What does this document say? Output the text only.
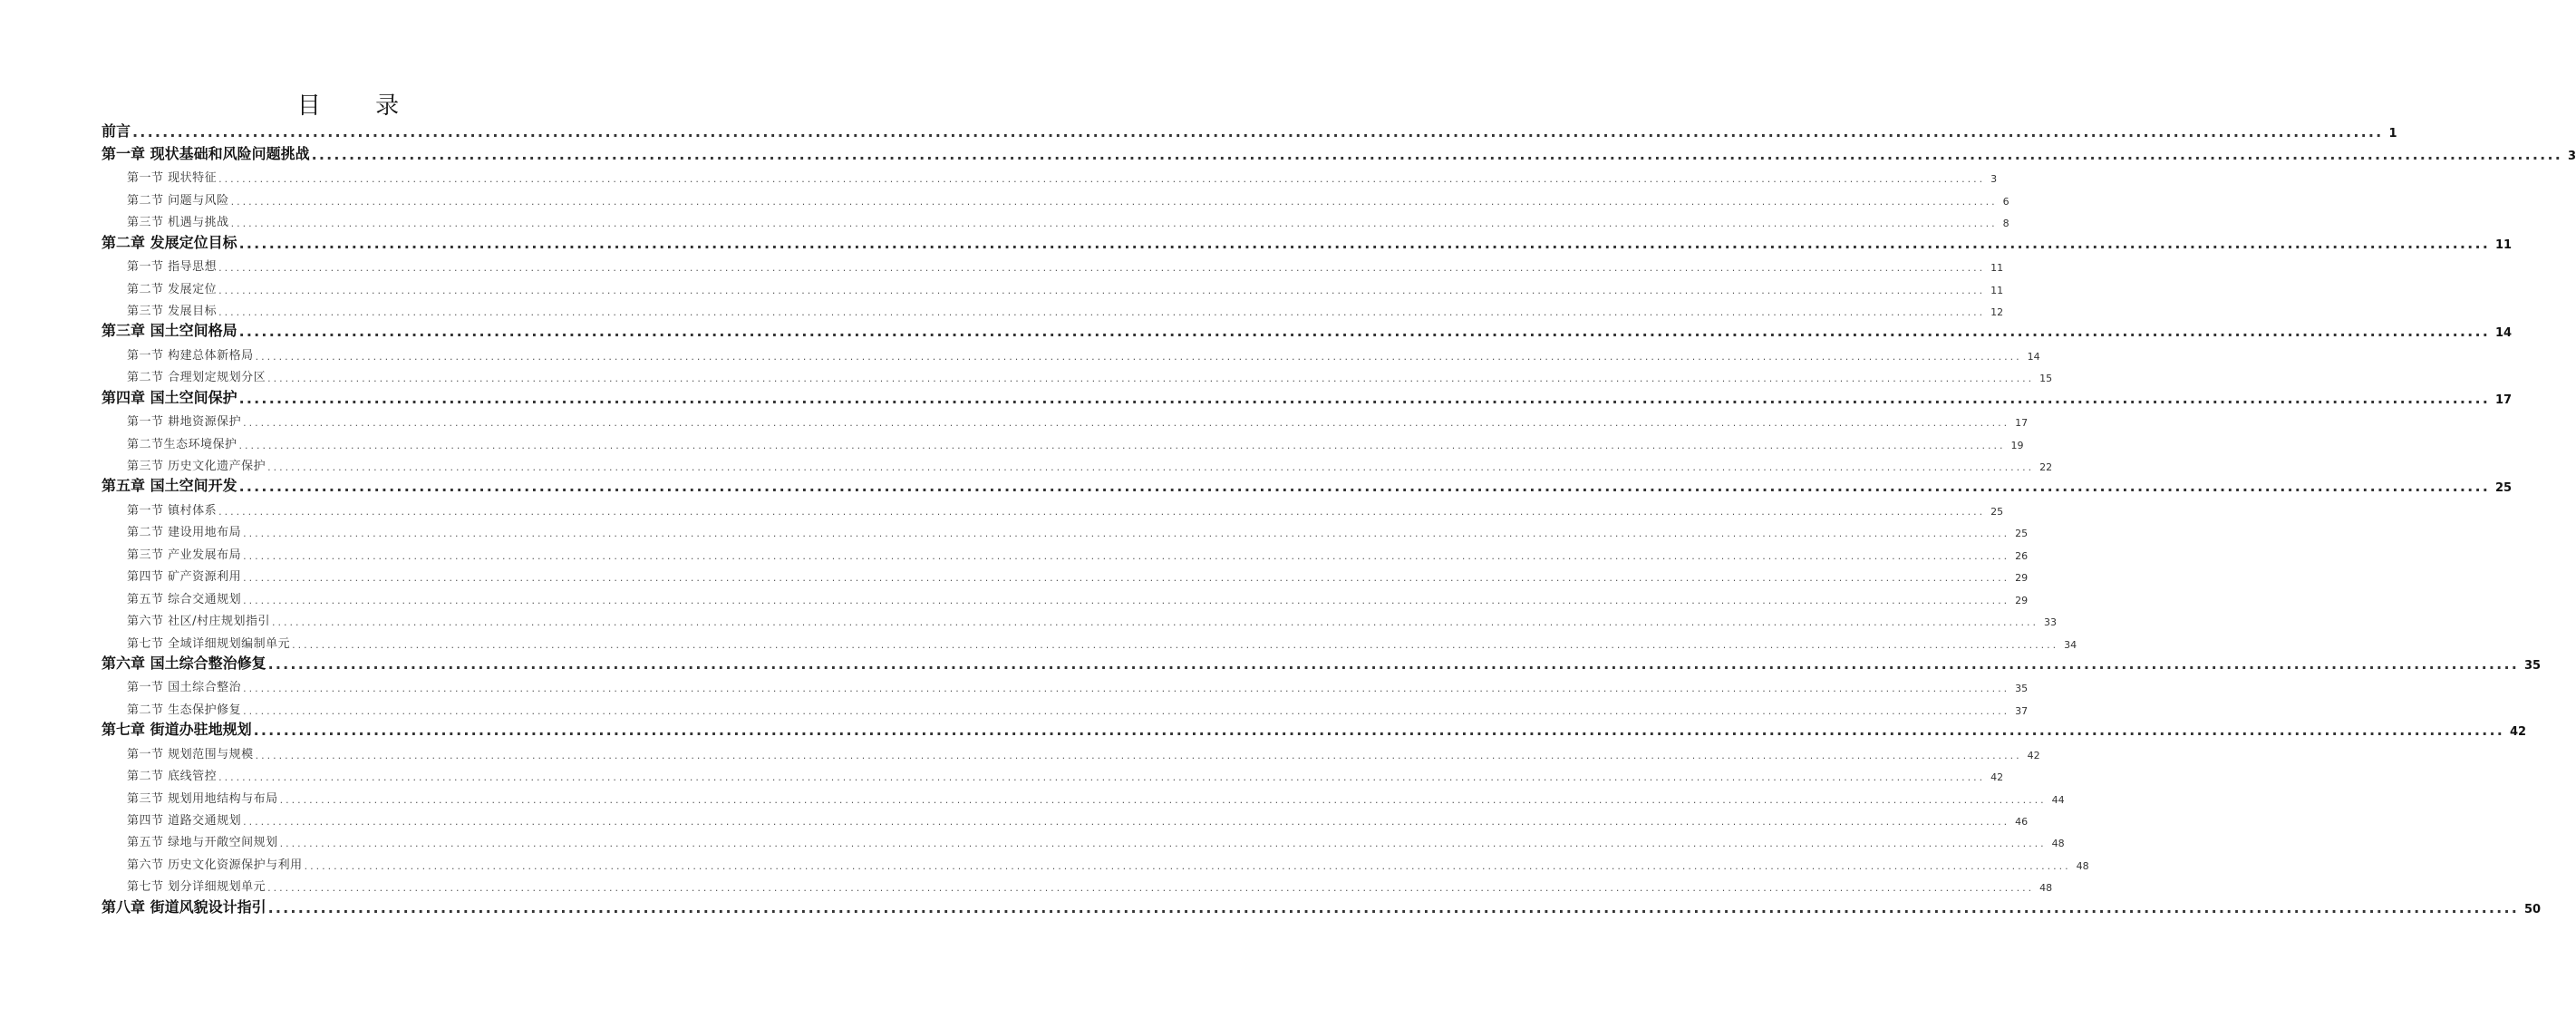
目 录
前言 ............................................................................................................................................................................................................................................................................................................ 1
第一章 现状基础和风险问题挑战 ............................................................................................................................................................................................................................................................................................................ 3
第一节 现状特征 ............................................................................................................................................................................................................................................................................................................ 3
第二节 问题与风险 ............................................................................................................................................................................................................................................................................................................ 6
第三节 机遇与挑战 ............................................................................................................................................................................................................................................................................................................ 8
第二章 发展定位目标 ............................................................................................................................................................................................................................................................................................................ 11
第一节 指导思想 ............................................................................................................................................................................................................................................................................................................ 11
第二节 发展定位 ............................................................................................................................................................................................................................................................................................................ 11
第三节 发展目标 ............................................................................................................................................................................................................................................................................................................ 12
第三章 国土空间格局 ............................................................................................................................................................................................................................................................................................................ 14
第一节 构建总体新格局 ............................................................................................................................................................................................................................................................................................................ 14
第二节 合理划定规划分区 ............................................................................................................................................................................................................................................................................................................ 15
第四章 国土空间保护 ............................................................................................................................................................................................................................................................................................................ 17
第一节 耕地资源保护 ............................................................................................................................................................................................................................................................................................................ 17
第二节生态环境保护 ............................................................................................................................................................................................................................................................................................................ 19
第三节 历史文化遗产保护 ............................................................................................................................................................................................................................................................................................................ 22
第五章 国土空间开发 ............................................................................................................................................................................................................................................................................................................ 25
第一节 镇村体系 ............................................................................................................................................................................................................................................................................................................ 25
第二节 建设用地布局 ............................................................................................................................................................................................................................................................................................................ 25
第三节 产业发展布局 ............................................................................................................................................................................................................................................................................................................ 26
第四节 矿产资源利用 ............................................................................................................................................................................................................................................................................................................ 29
第五节 综合交通规划 ............................................................................................................................................................................................................................................................................................................ 29
第六节 社区/村庄规划指引 ............................................................................................................................................................................................................................................................................................................ 33
第七节 全域详细规划编制单元 ............................................................................................................................................................................................................................................................................................................ 34
第六章 国土综合整治修复 ............................................................................................................................................................................................................................................................................................................ 35
第一节 国土综合整治 ............................................................................................................................................................................................................................................................................................................ 35
第二节 生态保护修复 ............................................................................................................................................................................................................................................................................................................ 37
第七章 街道办驻地规划 ............................................................................................................................................................................................................................................................................................................ 42
第一节 规划范围与规模 ............................................................................................................................................................................................................................................................................................................ 42
第二节 底线管控 ............................................................................................................................................................................................................................................................................................................ 42
第三节 规划用地结构与布局 ............................................................................................................................................................................................................................................................................................................ 44
第四节 道路交通规划 ............................................................................................................................................................................................................................................................................................................ 46
第五节 绿地与开敞空间规划 ............................................................................................................................................................................................................................................................................................................ 48
第六节 历史文化资源保护与利用 ............................................................................................................................................................................................................................................................................................................ 48
第七节 划分详细规划单元 ............................................................................................................................................................................................................................................................................................................ 48
第八章 街道风貌设计指引 ............................................................................................................................................................................................................................................................................................................ 50
